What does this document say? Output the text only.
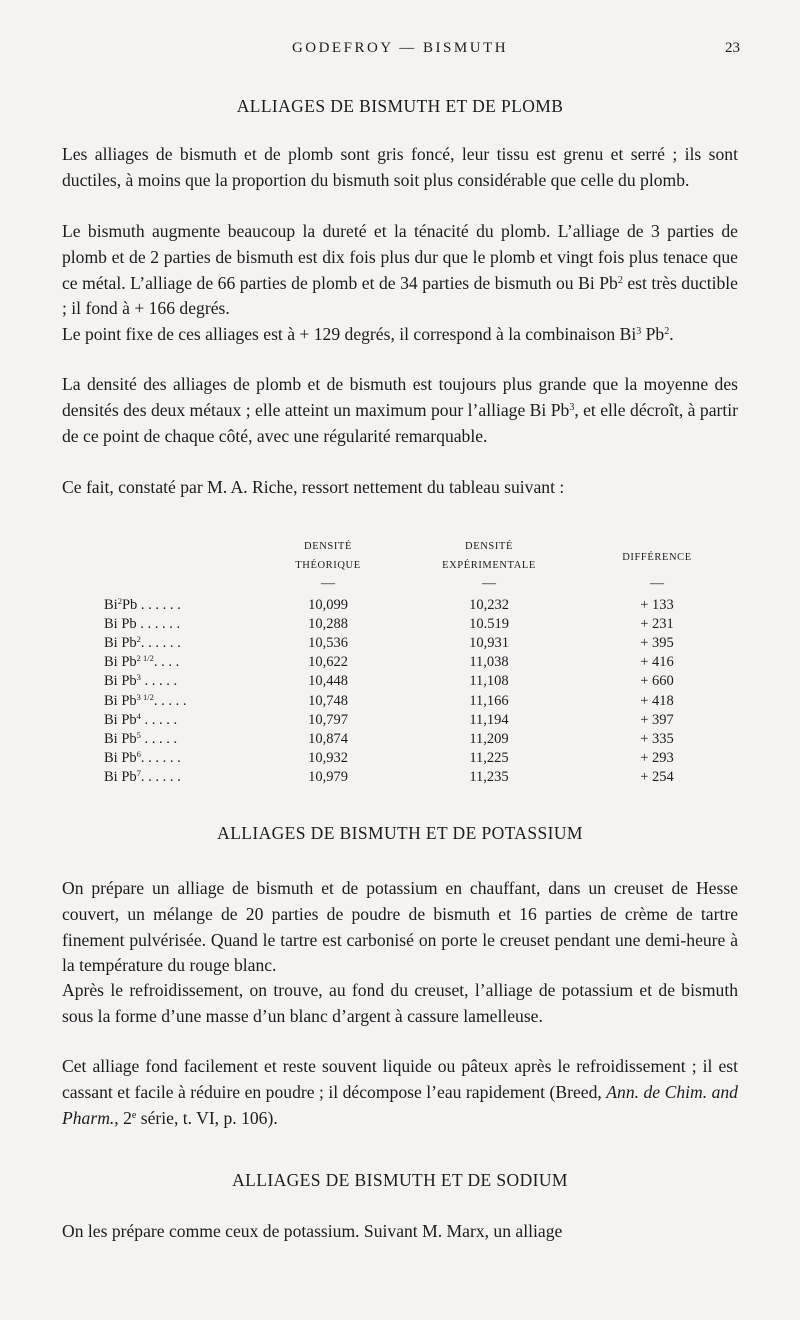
GODEFROY — BISMUTH	23
ALLIAGES DE BISMUTH ET DE PLOMB

Les alliages de bismuth et de plomb sont gris foncé, leur tissu est grenu et serré ; ils sont ductiles, à moins que la proportion du bismuth soit plus considérable que celle du plomb.

Le bismuth augmente beaucoup la dureté et la ténacité du plomb. L’alliage de 3 parties de plomb et de 2 parties de bismuth est dix fois plus dur que le plomb et vingt fois plus tenace que ce métal. L’alliage de 66 parties de plomb et de 34 parties de bismuth ou Bi Pb$^2$ est très ductible ; il fond à + 166 degrés.

Le point fixe de ces alliages est à + 129 degrés, il correspond à la combinaison Bi$^3$ Pb$^2$.

La densité des alliages de plomb et de bismuth est toujours plus grande que la moyenne des densités des deux métaux ; elle atteint un maximum pour l’alliage Bi Pb$^3$, et elle décroît, à partir de ce point de chaque côté, avec une régularité remarquable.

Ce fait, constaté par M. A. Riche, ressort nettement du tableau suivant :

DENSITÉ
THÉORIQUE
DENSITÉ
EXPÉRIMENTALE
DIFFÉRENCE
—	—	—
Bi$^2$Pb . . . . . .	10,099	10,232	+ 133
Bi Pb . . . . . .	10,288	10.519	+ 231
Bi Pb$^2$. . . . . .	10,536	10,931	+ 395
Bi $Pb^{2 1/2}$. . . .	10,622	11,038	+ 416
Bi Pb$^3$ . . . . .	10,448	11,108	+ 660
Bi $Pb^{3 1/2}$. . . . .	10,748	11,166	+ 418
Bi Pb$^4$ . . . . .	10,797	11,194	+ 397
Bi Pb$^5$ . . . . .	10,874	11,209	+ 335
Bi Pb$^6$. . . . . .	10,932	11,225	+ 293
Bi Pb$^7$. . . . . .	10,979	11,235	+ 254
ALLIAGES DE BISMUTH ET DE POTASSIUM

On prépare un alliage de bismuth et de potassium en chauffant, dans un creuset de Hesse couvert, un mélange de 20 parties de poudre de bismuth et 16 parties de crème de tartre finement pulvérisée. Quand le tartre est carbonisé on porte le creuset pendant une demi-heure à la température du rouge blanc.

Après le refroidissement, on trouve, au fond du creuset, l’alliage de potassium et de bismuth sous la forme d’une masse d’un blanc d’argent à cassure lamelleuse.

Cet alliage fond facilement et reste souvent liquide ou pâteux après le refroidissement ; il est cassant et facile à réduire en poudre ; il décompose l’eau rapidement (Breed, Ann. de Chim. and Pharm., 2e série, t. VI, p. 106).

ALLIAGES DE BISMUTH ET DE SODIUM

On les prépare comme ceux de potassium. Suivant M. Marx, un alliage
